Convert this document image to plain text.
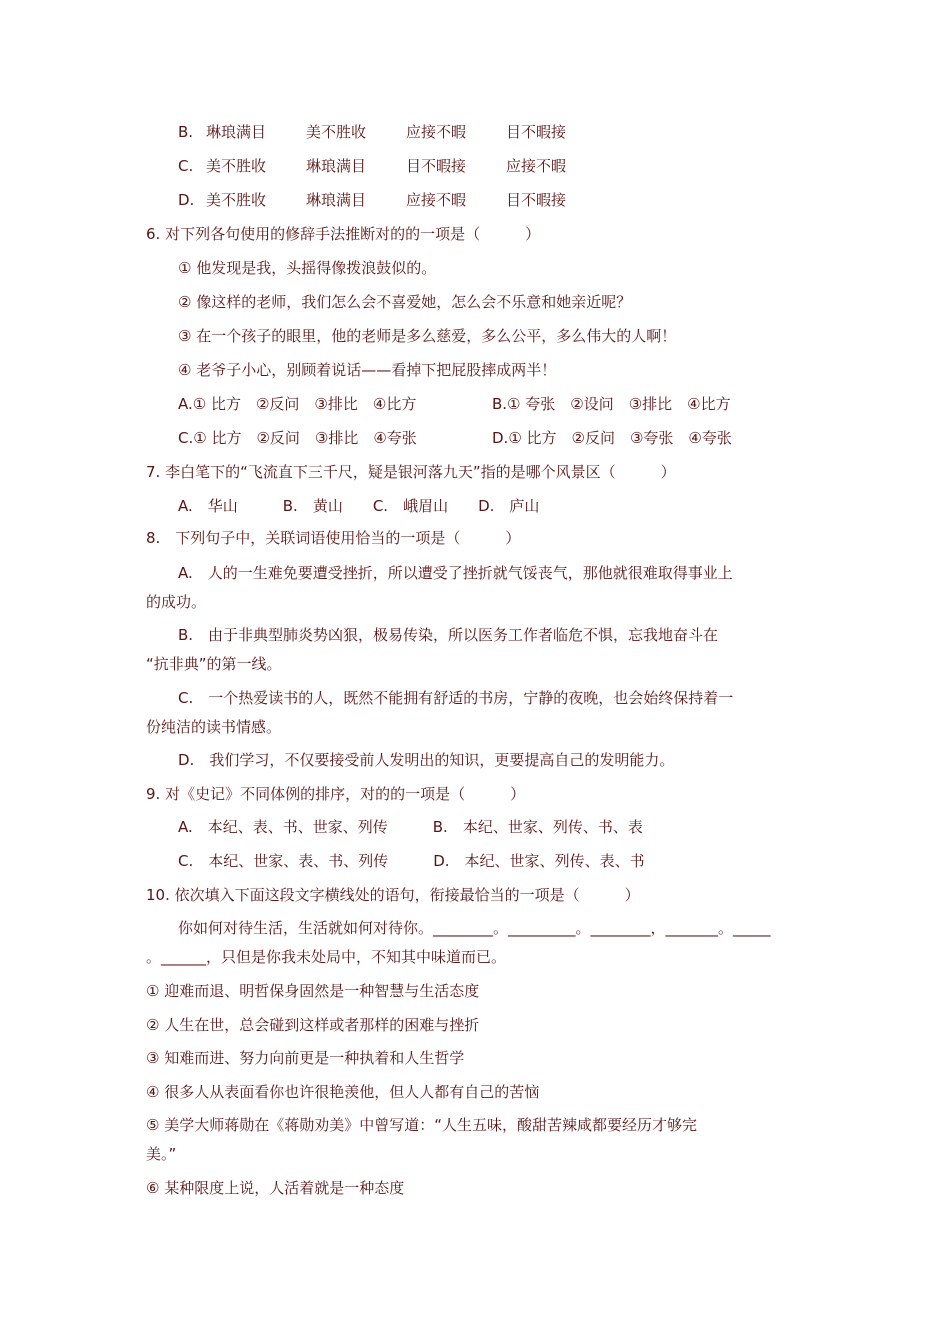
B. 琳琅满目	美不胜收	应接不暇	目不暇接
C. 美不胜收	琳琅满目	目不暇接	应接不暇
D. 美不胜收	琳琅满目	应接不暇	目不暇接
6. 对下列各句使用的修辞手法推断对的的一项是（　　　）
① 他发现是我，头摇得像拨浪鼓似的。
② 像这样的老师，我们怎么会不喜爱她，怎么会不乐意和她亲近呢？
③ 在一个孩子的眼里，他的老师是多么慈爱，多么公平，多么伟大的人啊！
④ 老爷子小心，别顾着说话——看掉下把屁股摔成两半！
A.① 比方　②反问　③排比　④比方	B.① 夸张　②设问　③排比　④比方
C.① 比方　②反问　③排比　④夸张	D.① 比方　②反问　③夸张　④夸张
7. 李白笔下的“飞流直下三千尺，疑是银河落九天”指的是哪个风景区（　　　）
A.　华山　　　B.　黄山　　C.　峨眉山　　D.　庐山
8.　下列句子中，关联词语使用恰当的一项是（　　　）
A.　人的一生难免要遭受挫折，所以遭受了挫折就气馁丧气，那他就很难取得事业上
的成功。
B.　由于非典型肺炎势凶狠，极易传染，所以医务工作者临危不惧，忘我地奋斗在
“抗非典”的第一线。
C.　一个热爱读书的人，既然不能拥有舒适的书房，宁静的夜晚，也会始终保持着一
份纯洁的读书情感。
D.　我们学习，不仅要接受前人发明出的知识，更要提高自己的发明能力。
9. 对《史记》不同体例的排序，对的的一项是（　　　）
A.　本纪、表、书、世家、列传　　　B.　本纪、世家、列传、书、表
C.　本纪、世家、表、书、列传　　　D.　本纪、世家、列传、表、书
10. 依次填入下面这段文字横线处的语句，衔接最恰当的一项是（　　　）
你如何对待生活，生活就如何对待你。________。_________。________，_______。_____
。______，只但是你我未处局中，不知其中味道而已。
① 迎难而退、明哲保身固然是一种智慧与生活态度
② 人生在世，总会碰到这样或者那样的困难与挫折
③ 知难而进、努力向前更是一种执着和人生哲学
④ 很多人从表面看你也许很艳羡他，但人人都有自己的苦恼
⑤ 美学大师蒋勋在《蒋勋劝美》中曾写道：“人生五味，酸甜苦辣咸都要经历才够完
美。”
⑥ 某种限度上说，人活着就是一种态度
